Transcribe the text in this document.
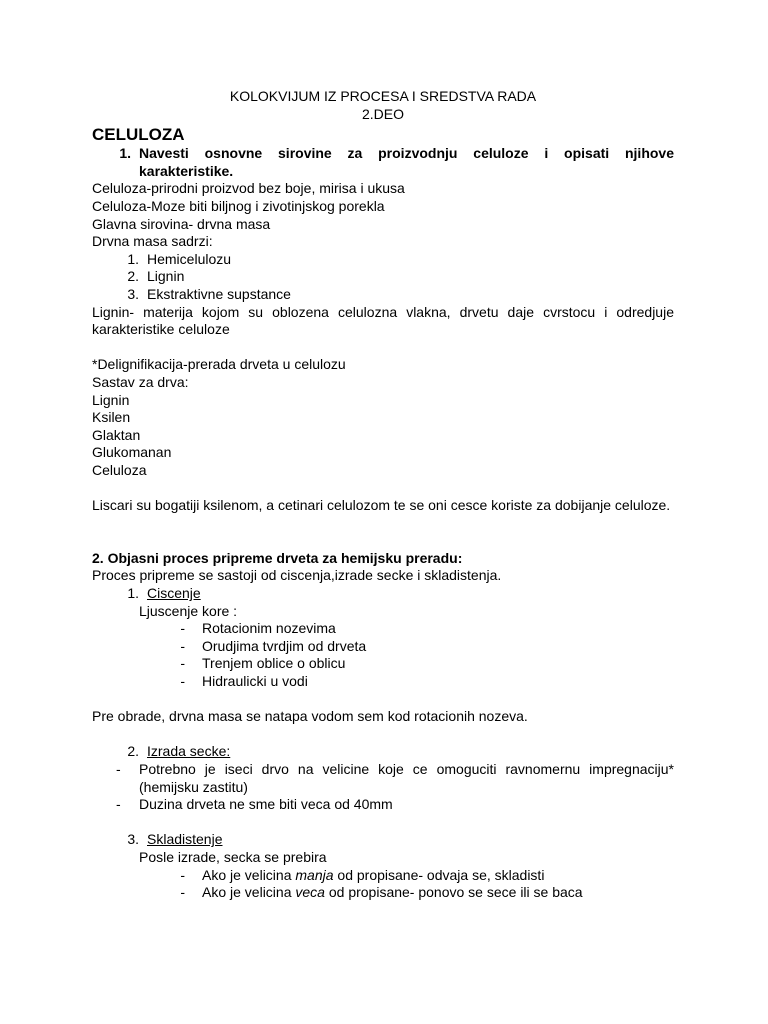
KOLOKVIJUM IZ PROCESA I SREDSTVA RADA
2.DEO
CELULOZA
1. Navesti osnovne sirovine za proizvodnju celuloze i opisati njihove karakteristike.
Celuloza-prirodni proizvod bez boje, mirisa i ukusa
Celuloza-Moze biti biljnog i zivotinjskog porekla
Glavna sirovina- drvna masa
Drvna masa sadrzi:
1. Hemicelulozu
2. Lignin
3. Ekstraktivne supstance
Lignin- materija kojom su oblozena celulozna vlakna, drvetu daje cvrstocu i odredjuje karakteristike celuloze
*Delignifikacija-prerada drveta u celulozu
Sastav za drva:
Lignin
Ksilen
Glaktan
Glukomanan
Celuloza
Liscari su bogatiji ksilenom, a cetinari celulozom te se oni cesce koriste za dobijanje celuloze.
2. Objasni proces pripreme drveta za hemijsku preradu:
Proces pripreme se sastoji od ciscenja,izrade secke i skladistenja.
1. Ciscenje
Ljuscenje kore :
- Rotacionim nozevima
- Orudjima tvrdjim od drveta
- Trenjem oblice o oblicu
- Hidraulicki u vodi
Pre obrade, drvna masa se natapa vodom sem kod rotacionih nozeva.
2. Izrada secke:
-	Potrebno je iseci drvo na velicine koje ce omoguciti ravnomernu impregnaciju* (hemijsku zastitu)
-	Duzina drveta ne sme biti veca od 40mm
3. Skladistenje
Posle izrade, secka se prebira
- Ako je velicina manja od propisane- odvaja se, skladisti
- Ako je velicina veca od propisane- ponovo se sece ili se baca
